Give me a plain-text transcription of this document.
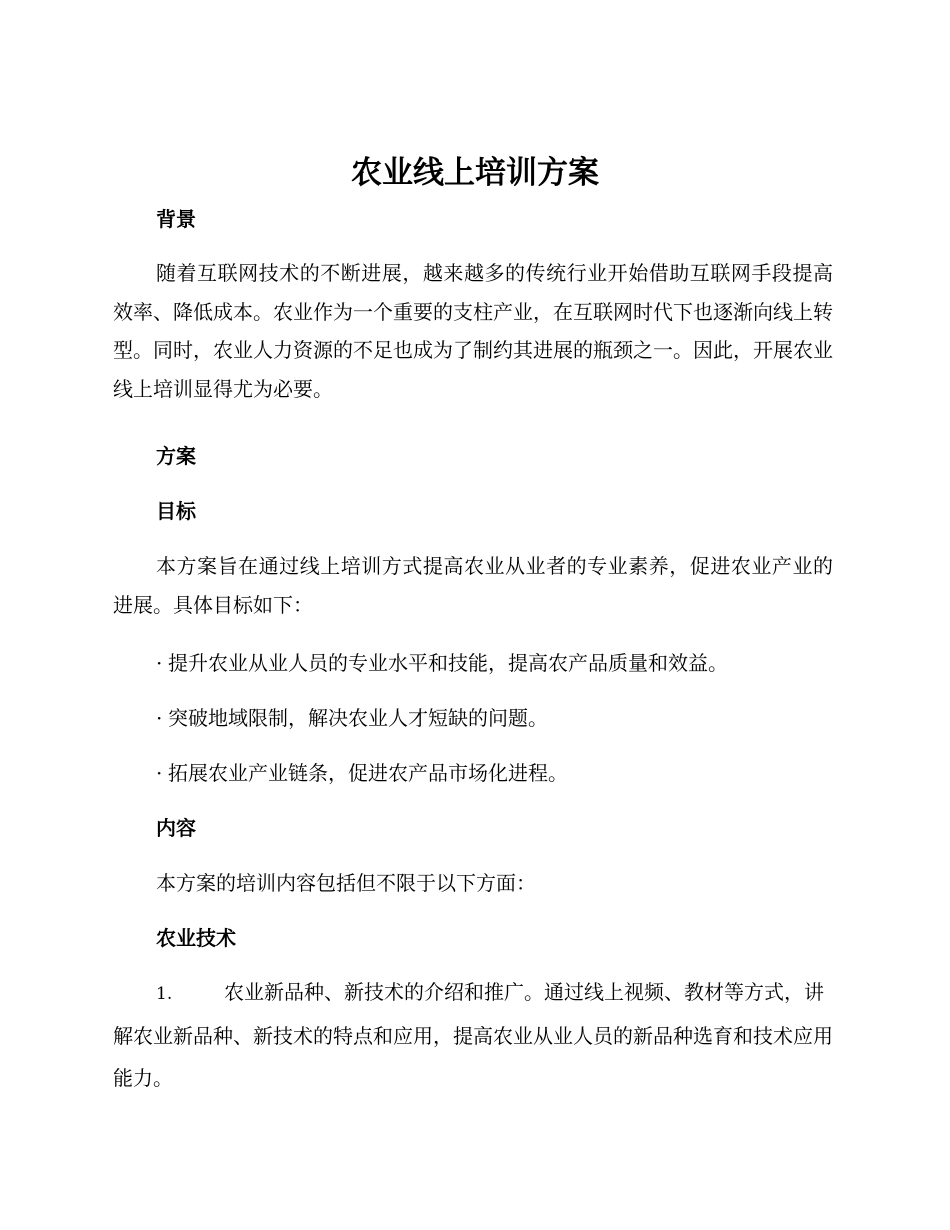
农业线上培训方案
背景

随着互联网技术的不断进展，越来越多的传统行业开始借助互联网手段提高效率、降低成本。农业作为一个重要的支柱产业，在互联网时代下也逐渐向线上转型。同时，农业人力资源的不足也成为了制约其进展的瓶颈之一。因此，开展农业线上培训显得尤为必要。

方案
目标

本方案旨在通过线上培训方式提高农业从业者的专业素养，促进农业产业的进展。具体目标如下：

· 提升农业从业人员的专业水平和技能，提高农产品质量和效益。
· 突破地域限制，解决农业人才短缺的问题。
· 拓展农业产业链条，促进农产品市场化进程。
内容
本方案的培训内容包括但不限于以下方面：
农业技术

1.	农业新品种、新技术的介绍和推广。通过线上视频、教材等方式，讲解农业新品种、新技术的特点和应用，提高农业从业人员的新品种选育和技术应用能力。
